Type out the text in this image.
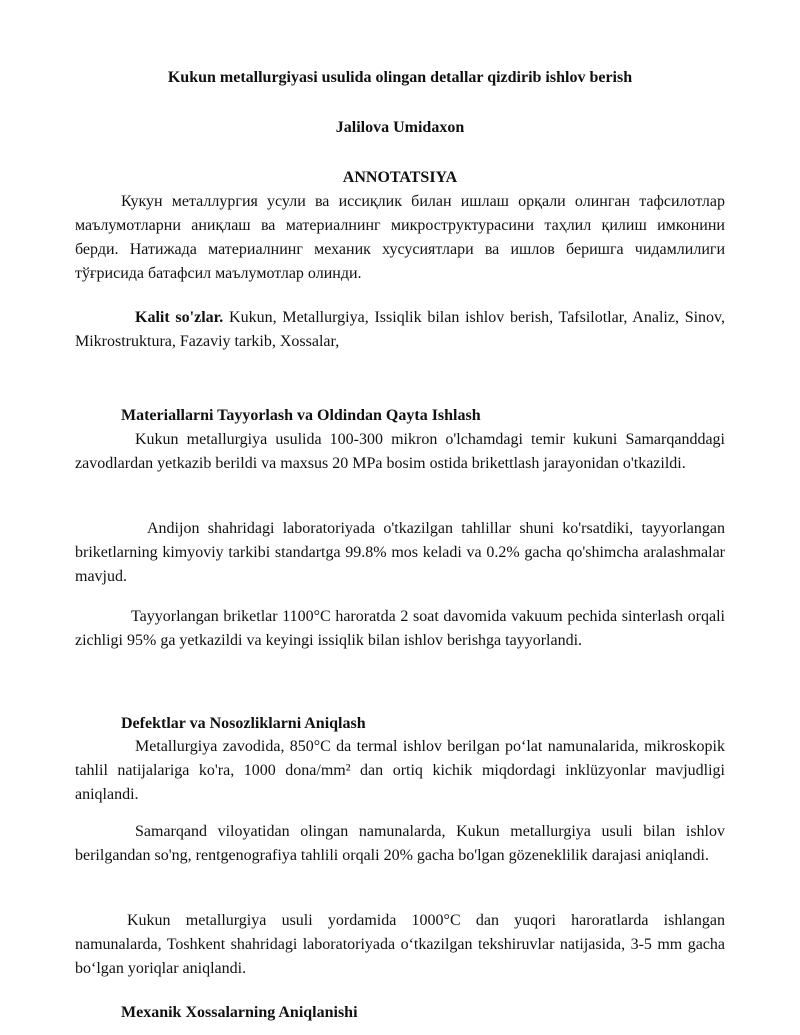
Kukun metallurgiyasi usulida olingan detallar qizdirib ishlov berish

Jalilova Umidaxon

ANNOTATSIYA

Кукун металлургия усули ва иссиқлик билан ишлаш орқали олинган тафсилотлар маълумотларни аниқлаш ва материалнинг микроструктурасини таҳлил қилиш имконини берди. Натижада материалнинг механик хусусиятлари ва ишлов беришга чидамлилиги тўғрисида батафсил маълумотлар олинди.

Kalit so'zlar. Kukun, Metallurgiya, Issiqlik bilan ishlov berish, Tafsilotlar, Analiz, Sinov, Mikrostruktura, Fazaviy tarkib, Xossalar,

Materiallarni Tayyorlash va Oldindan Qayta Ishlash

Kukun metallurgiya usulida 100-300 mikron o'lchamdagi temir kukuni Samarqanddagi zavodlardan yetkazib berildi va maxsus 20 MPa bosim ostida brikettlash jarayonidan o'tkazildi.

Andijon shahridagi laboratoriyada o'tkazilgan tahlillar shuni ko'rsatdiki, tayyorlangan briketlarning kimyoviy tarkibi standartga 99.8% mos keladi va 0.2% gacha qo'shimcha aralashmalar mavjud.

Tayyorlangan briketlar 1100°C haroratda 2 soat davomida vakuum pechida sinterlash orqali zichligi 95% ga yetkazildi va keyingi issiqlik bilan ishlov berishga tayyorlandi.

Defektlar va Nosozliklarni Aniqlash

Metallurgiya zavodida, 850°C da termal ishlov berilgan po‘lat namunalarida, mikroskopik tahlil natijalariga ko'ra, 1000 dona/mm² dan ortiq kichik miqdordagi inklüzyonlar mavjudligi aniqlandi.

Samarqand viloyatidan olingan namunalarda, Kukun metallurgiya usuli bilan ishlov berilgandan so'ng, rentgenografiya tahlili orqali 20% gacha bo'lgan gözeneklilik darajasi aniqlandi.

Kukun metallurgiya usuli yordamida 1000°C dan yuqori haroratlarda ishlangan namunalarda, Toshkent shahridagi laboratoriyada o‘tkazilgan tekshiruvlar natijasida, 3-5 mm gacha bo‘lgan yoriqlar aniqlandi.

Mexanik Xossalarning Aniqlanishi
